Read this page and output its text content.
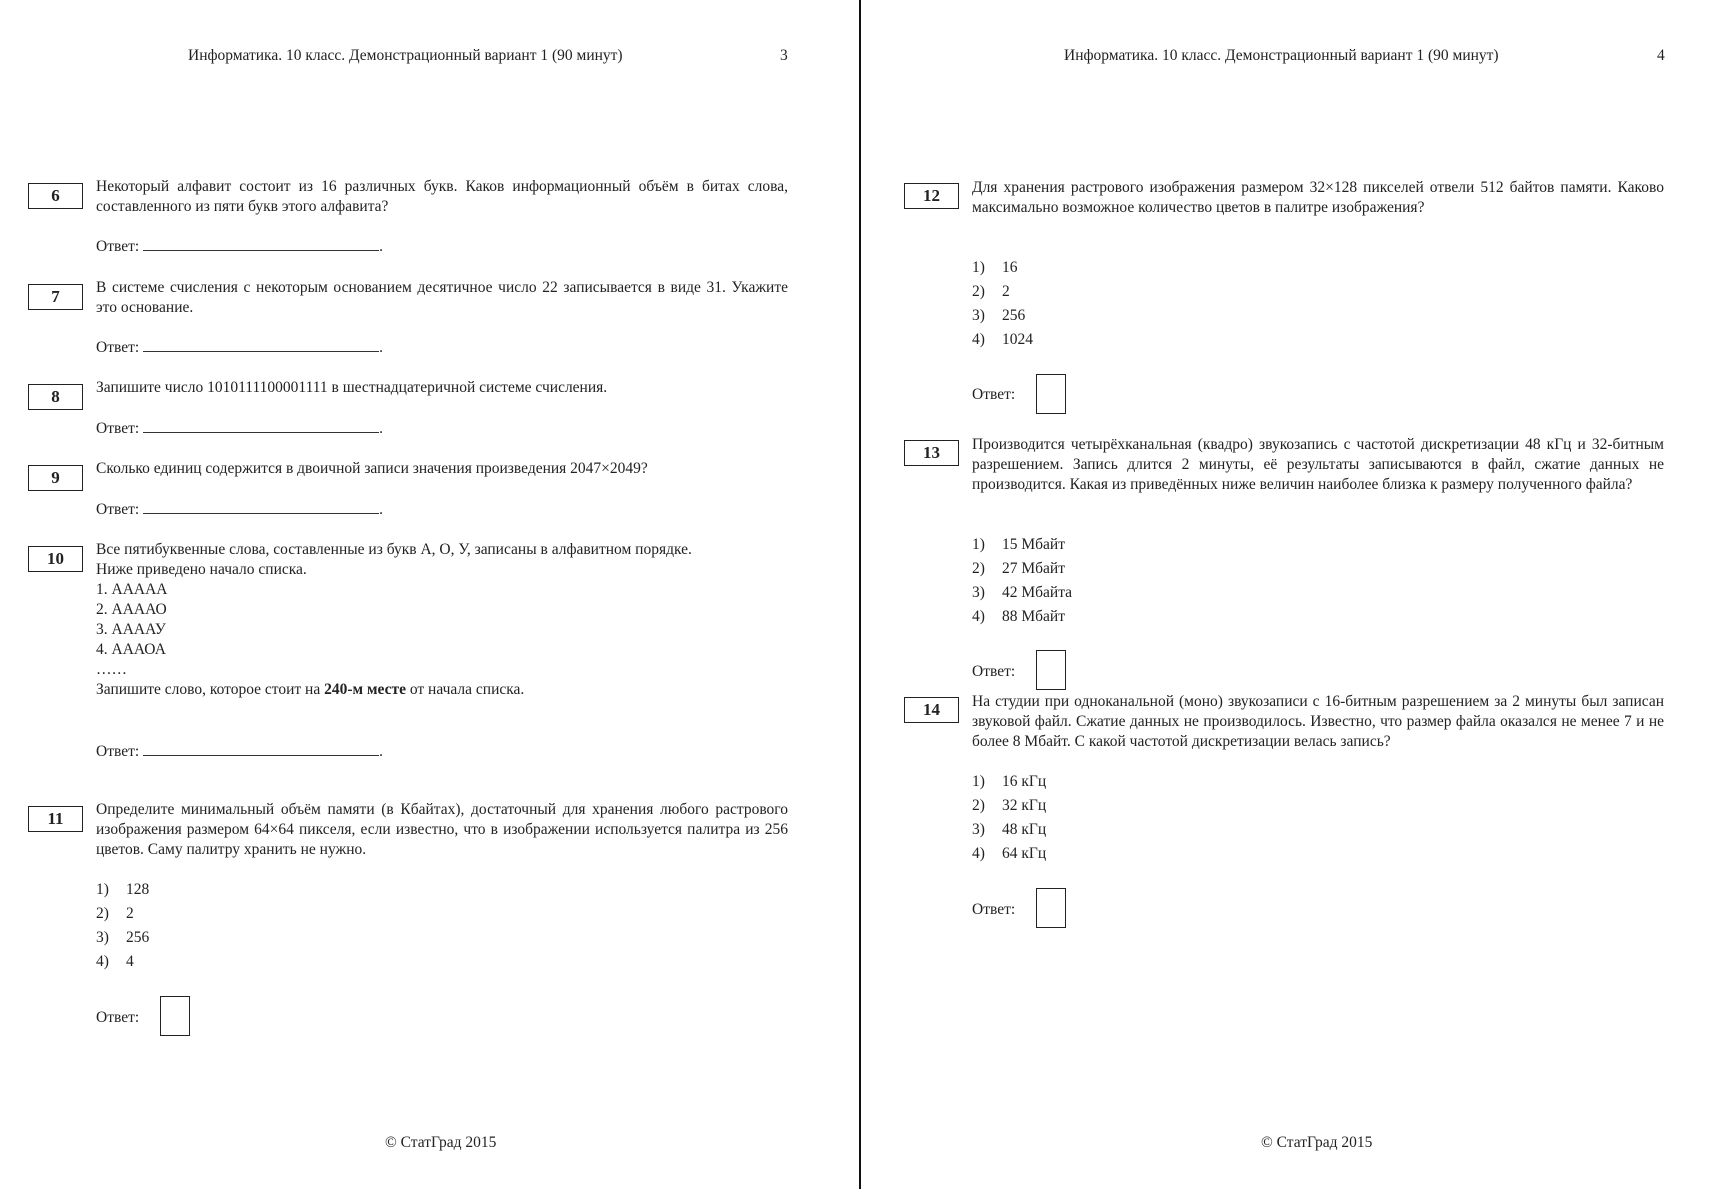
Информатика. 10 класс. Демонстрационный вариант 1 (90 минут)	3
6	Некоторый алфавит состоит из 16 различных букв. Каков информационный объём в битах слова, составленного из пяти букв этого алфавита?
Ответ:	.
7	В системе счисления с некоторым основанием десятичное число 22 записывается в виде 31. Укажите это основание.
Ответ:	.
8	Запишите число 1010111100001111 в шестнадцатеричной системе счисления.
Ответ:	.
9	Сколько единиц содержится в двоичной записи значения произведения 2047×2049?
Ответ:	.
10	Все пятибуквенные слова, составленные из букв А, О, У, записаны в алфавитном порядке.

Ниже приведено начало списка.

1. ААААА

2. ААААО

3. ААААУ

4. АААОА

……

Запишите слово, которое стоит на 240-м месте от начала списка.

Ответ:	.
11	Определите минимальный объём памяти (в Кбайтах), достаточный для хранения любого растрового изображения размером 64×64 пикселя, если известно, что в изображении используется палитра из 256 цветов. Саму палитру хранить не нужно.
1) 128
2) 2
3) 256
4) 4
Ответ:
© СтатГрад 2015
Информатика. 10 класс. Демонстрационный вариант 1 (90 минут)	4
12	Для хранения растрового изображения размером 32×128 пикселей отвели 512 байтов памяти. Каково максимально возможное количество цветов в палитре изображения?
1) 16
2) 2
3) 256
4) 1024
Ответ:
13	Производится четырёхканальная (квадро) звукозапись с частотой дискретизации 48 кГц и 32-битным разрешением. Запись длится 2 минуты, её результаты записываются в файл, сжатие данных не производится. Какая из приведённых ниже величин наиболее близка к размеру полученного файла?
1) 15 Мбайт
2) 27 Мбайт
3) 42 Мбайта
4) 88 Мбайт
Ответ:
14	На студии при одноканальной (моно) звукозаписи с 16-битным разрешением за 2 минуты был записан звуковой файл. Сжатие данных не производилось. Известно, что размер файла оказался не менее 7 и не более 8 Мбайт. С какой частотой дискретизации велась запись?
1) 16 кГц
2) 32 кГц
3) 48 кГц
4) 64 кГц
Ответ:
© СтатГрад 2015
